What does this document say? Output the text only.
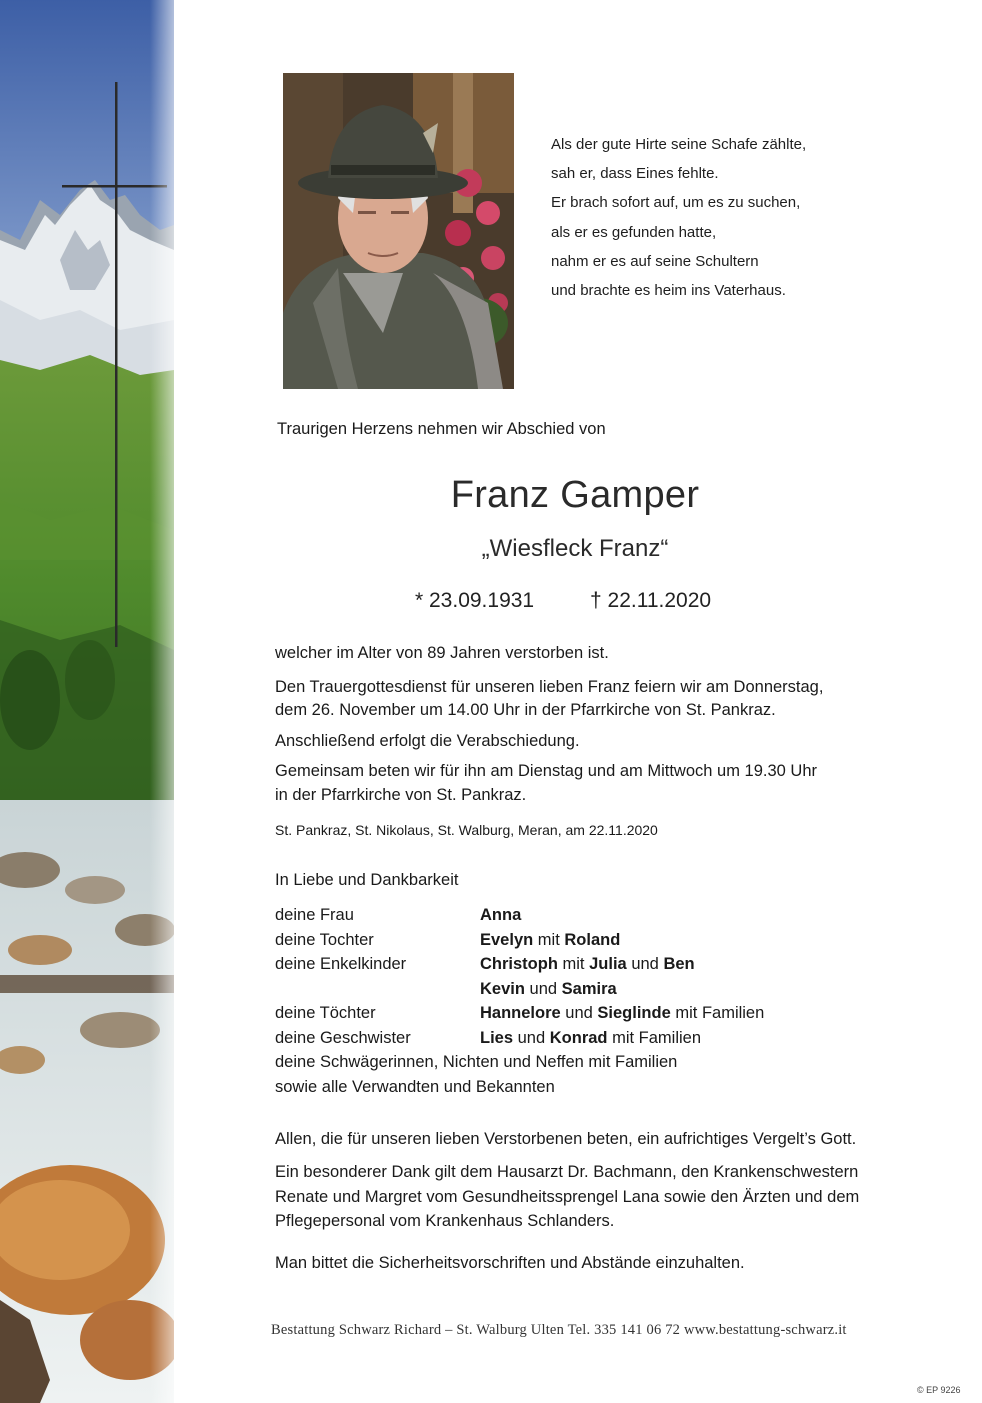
Als der gute Hirte seine Schafe zählte,
sah er, dass Eines fehlte.
Er brach sofort auf, um es zu suchen,
als er es gefunden hatte,
nahm er es auf seine Schultern
und brachte es heim ins Vaterhaus.
Traurigen Herzens nehmen wir Abschied von
Franz Gamper
„Wiesfleck Franz“
* 23.09.1931	† 22.11.2020

welcher im Alter von 89 Jahren verstorben ist.

Den Trauergottesdienst für unseren lieben Franz feiern wir am Donnerstag,

dem 26. November um 14.00 Uhr in der Pfarrkirche von St. Pankraz.

Anschließend erfolgt die Verabschiedung.

Gemeinsam beten wir für ihn am Dienstag und am Mittwoch um 19.30 Uhr

in der Pfarrkirche von St. Pankraz.

St. Pankraz, St. Nikolaus, St. Walburg, Meran, am 22.11.2020

In Liebe und Dankbarkeit

deine Frau	Anna
deine Tochter	Evelyn mit Roland
deine Enkelkinder	Christoph mit Julia und Ben
Kevin und Samira
deine Töchter	Hannelore und Sieglinde mit Familien
deine Geschwister	Lies und Konrad mit Familien
deine Schwägerinnen, Nichten und Neffen mit Familien
sowie alle Verwandten und Bekannten

Allen, die für unseren lieben Verstorbenen beten, ein aufrichtiges Vergelt’s Gott.

Ein besonderer Dank gilt dem Hausarzt Dr. Bachmann, den Krankenschwestern

Renate und Margret vom Gesundheitssprengel Lana sowie den Ärzten und dem

Pflegepersonal vom Krankenhaus Schlanders.

Man bittet die Sicherheitsvorschriften und Abstände einzuhalten.

Bestattung Schwarz Richard – St. Walburg Ulten Tel. 335 141 06 72 www.bestattung-schwarz.it
© EP 9226
